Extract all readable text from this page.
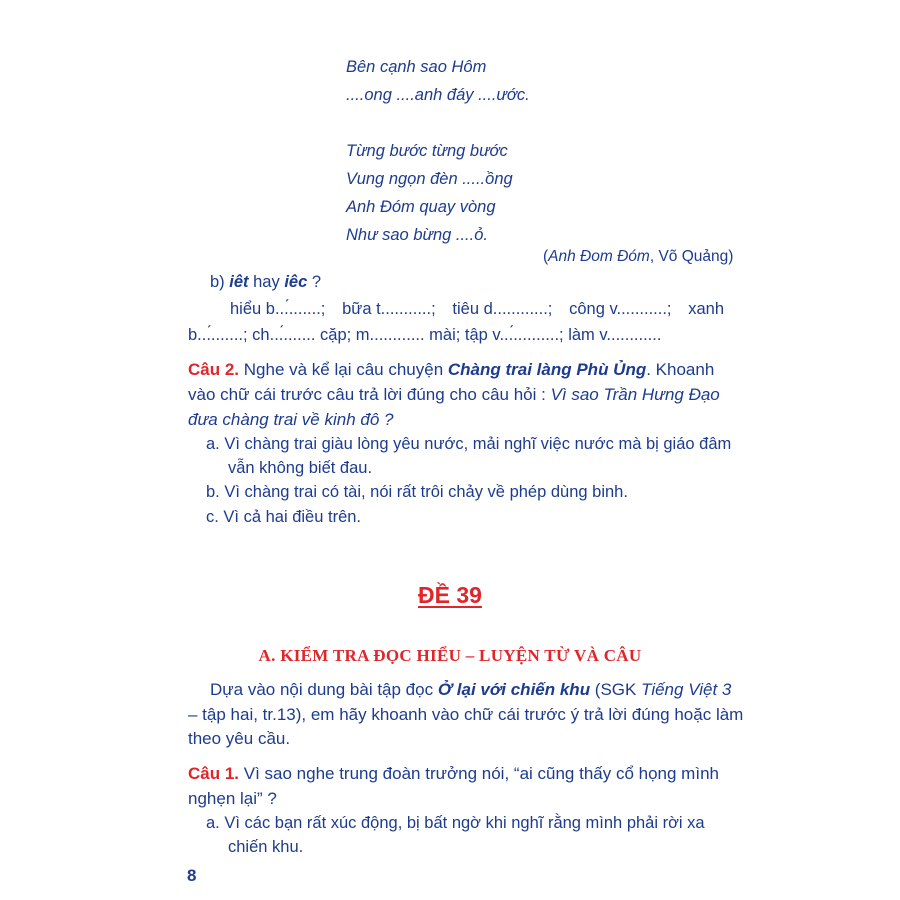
Bên cạnh sao Hôm
....ong ....anh đáy ....ước.
Từng bước từng bước
Vung ngọn đèn .....ồng
Anh Đóm quay vòng
Như sao bừng ....ỏ.
(Anh Đom Đóm, Võ Quảng)
b) iêt hay iêc ?
hiểu b...́.......; bữa t...........; tiêu d............; công v...........; xanh
b...́.......; ch...́....... cặp; m............ mài; tập v...́..........; làm v............
Câu 2. Nghe và kể lại câu chuyện Chàng trai làng Phù Ủng. Khoanh
vào chữ cái trước câu trả lời đúng cho câu hỏi : Vì sao Trần Hưng Đạo
đưa chàng trai về kinh đô ?
a. Vì chàng trai giàu lòng yêu nước, mải nghĩ việc nước mà bị giáo đâm
vẫn không biết đau.
b. Vì chàng trai có tài, nói rất trôi chảy về phép dùng binh.
c. Vì cả hai điều trên.
ĐỀ 39
A. KIỂM TRA ĐỌC HIỂU – LUYỆN TỪ VÀ CÂU
Dựa vào nội dung bài tập đọc Ở lại với chiến khu (SGK Tiếng Việt 3
– tập hai, tr.13), em hãy khoanh vào chữ cái trước ý trả lời đúng hoặc làm
theo yêu cầu.
Câu 1. Vì sao nghe trung đoàn trưởng nói, “ai cũng thấy cổ họng mình
nghẹn lại” ?
a. Vì các bạn rất xúc động, bị bất ngờ khi nghĩ rằng mình phải rời xa
chiến khu.
8
